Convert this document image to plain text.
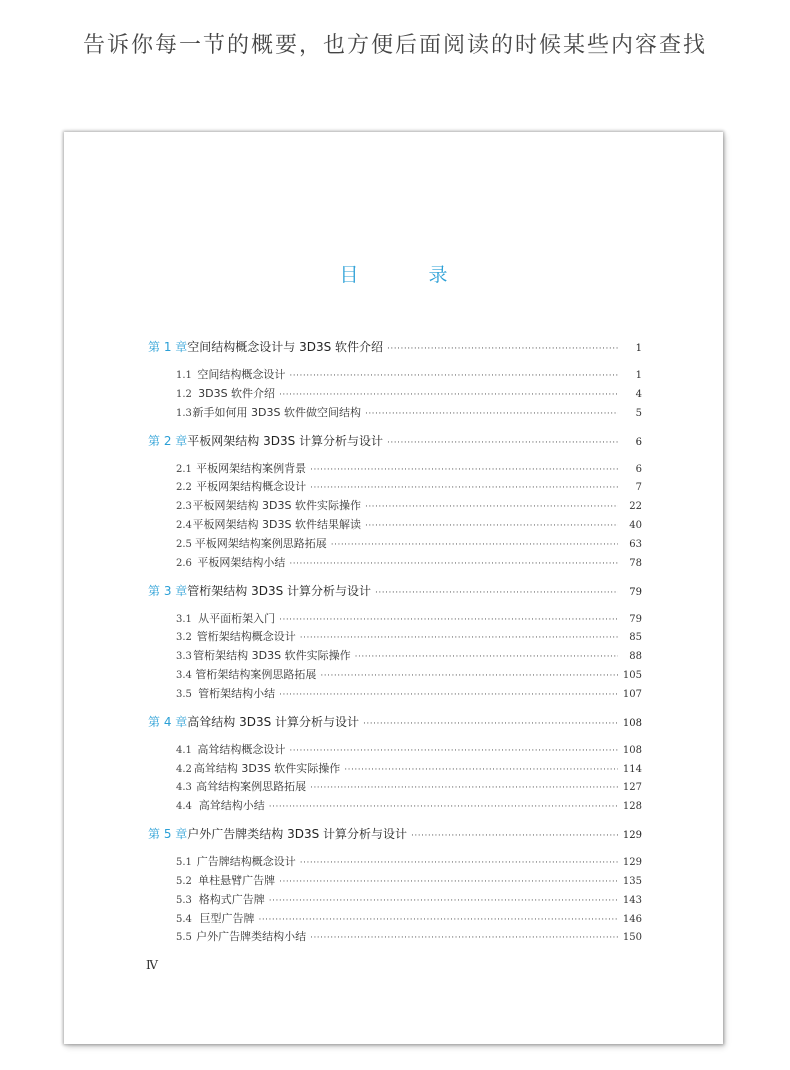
告诉你每一节的概要，也方便后面阅读的时候某些内容查找
目 录
第 1 章 空间结构概念设计与 3D3S 软件介绍 ·····	1
1.1 空间结构概念设计 ·····	1
1.2 3D3S 软件介绍 ·····	4
1.3 新手如何用 3D3S 软件做空间结构 ·····	5
第 2 章 平板网架结构 3D3S 计算分析与设计 ·····	6
2.1 平板网架结构案例背景 ·····	6
2.2 平板网架结构概念设计 ·····	7
2.3 平板网架结构 3D3S 软件实际操作 ·····	22
2.4 平板网架结构 3D3S 软件结果解读 ·····	40
2.5 平板网架结构案例思路拓展 ·····	63
2.6 平板网架结构小结 ·····	78
第 3 章 管桁架结构 3D3S 计算分析与设计 ·····	79
3.1 从平面桁架入门 ·····	79
3.2 管桁架结构概念设计 ·····	85
3.3 管桁架结构 3D3S 软件实际操作 ·····	88
3.4 管桁架结构案例思路拓展 ·····	105
3.5 管桁架结构小结 ·····	107
第 4 章 高耸结构 3D3S 计算分析与设计 ·····	108
4.1 高耸结构概念设计 ·····	108
4.2 高耸结构 3D3S 软件实际操作 ·····	114
4.3 高耸结构案例思路拓展 ·····	127
4.4 高耸结构小结 ·····	128
第 5 章 户外广告牌类结构 3D3S 计算分析与设计 ·····	129
5.1 广告牌结构概念设计 ·····	129
5.2 单柱悬臂广告牌 ·····	135
5.3 格构式广告牌 ·····	143
5.4 巨型广告牌 ·····	146
5.5 户外广告牌类结构小结 ·····	150
Ⅳ
